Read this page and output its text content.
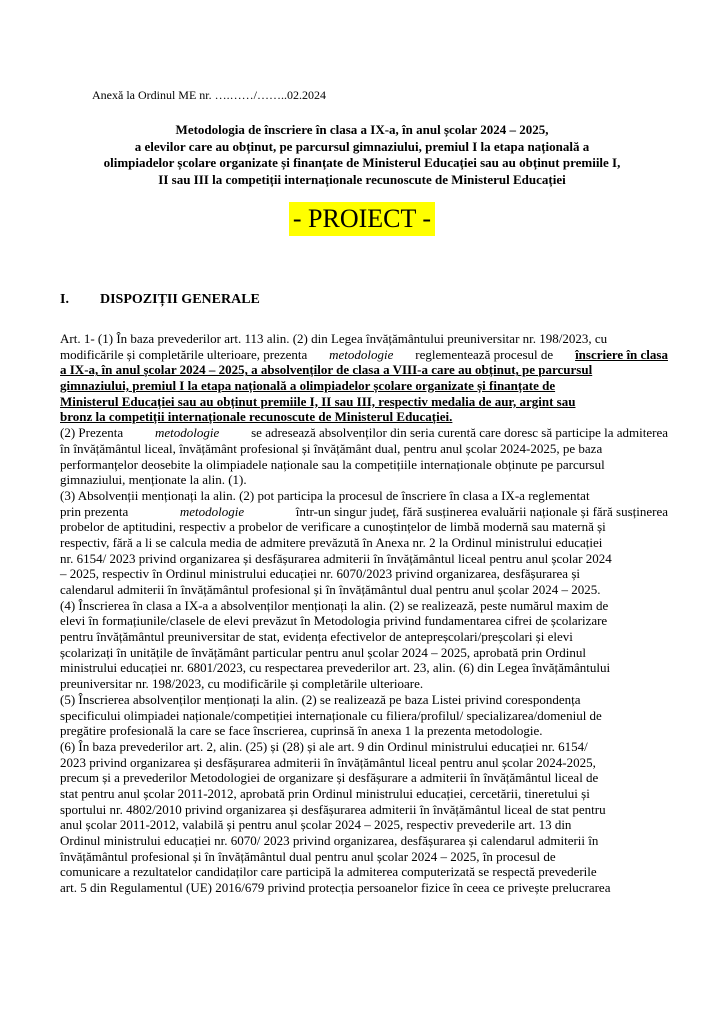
Anexă la Ordinul ME nr. ….……/……..02.2024
Metodologia de înscriere în clasa a IX-a, în anul școlar 2024 – 2025,
a elevilor care au obținut, pe parcursul gimnaziului, premiul I la etapa națională a
olimpiadelor școlare organizate și finanțate de Ministerul Educației sau au obținut premiile I,
II sau III la competiții internaționale recunoscute de Ministerul Educației
- PROIECT -
I. DISPOZIȚII GENERALE
Art. 1- (1) În baza prevederilor art. 113 alin. (2) din Legea învățământului preuniversitar nr. 198/2023, cu
modificările și completările ulterioare, prezenta metodologie reglementează procesul de înscriere în clasa
a IX-a, în anul școlar 2024 – 2025, a absolvenților de clasa a VIII-a care au obținut, pe parcursul
gimnaziului, premiul I la etapa națională a olimpiadelor școlare organizate și finanțate de
Ministerul Educației sau au obținut premiile I, II sau III, respectiv medalia de aur, argint sau
bronz la competiții internaționale recunoscute de Ministerul Educației.
(2) Prezenta metodologie se adresează absolvenților din seria curentă care doresc să participe la admiterea
în învățământul liceal, învățământ profesional și învățământ dual, pentru anul școlar 2024-2025, pe baza
performanțelor deosebite la olimpiadele naționale sau la competițiile internaționale obținute pe parcursul
gimnaziului, menționate la alin. (1).
(3) Absolvenții menționați la alin. (2) pot participa la procesul de înscriere în clasa a IX-a reglementat
prin prezenta	metodologie	într-un singur județ, fără susținerea evaluării naționale și fără susținerea
probelor de aptitudini, respectiv a probelor de verificare a cunoștințelor de limbă modernă sau maternă și
respectiv, fără a li se calcula media de admitere prevăzută în Anexa nr. 2 la Ordinul ministrului educației
nr. 6154/ 2023 privind organizarea și desfășurarea admiterii în învățământul liceal pentru anul școlar 2024
– 2025, respectiv în Ordinul ministrului educației nr. 6070/2023 privind organizarea, desfășurarea și
calendarul admiterii în învățământul profesional și în învățământul dual pentru anul școlar 2024 – 2025.
(4) Înscrierea în clasa a IX-a a absolvenților menționați la alin. (2) se realizează, peste numărul maxim de
elevi în formațiunile/clasele de elevi prevăzut în Metodologia privind fundamentarea cifrei de școlarizare
pentru învățământul preuniversitar de stat, evidența efectivelor de antepreșcolari/preșcolari și elevi
școlarizați în unitățile de învățământ particular pentru anul școlar 2024 – 2025, aprobată prin Ordinul
ministrului educației nr. 6801/2023, cu respectarea prevederilor art. 23, alin. (6) din Legea învățământului
preuniversitar nr. 198/2023, cu modificările și completările ulterioare.
(5) Înscrierea absolvenților menționați la alin. (2) se realizează pe baza Listei privind corespondența
specificului olimpiadei naționale/competiției internaționale cu filiera/profilul/ specializarea/domeniul de
pregătire profesională la care se face înscrierea, cuprinsă în anexa 1 la prezenta metodologie.
(6) În baza prevederilor art. 2, alin. (25) și (28) și ale art. 9 din Ordinul ministrului educației nr. 6154/
2023 privind organizarea și desfășurarea admiterii în învățământul liceal pentru anul școlar 2024-2025,
precum și a prevederilor Metodologiei de organizare și desfășurare a admiterii în învățământul liceal de
stat pentru anul școlar 2011-2012, aprobată prin Ordinul ministrului educației, cercetării, tineretului și
sportului nr. 4802/2010 privind organizarea și desfășurarea admiterii în învățământul liceal de stat pentru
anul școlar 2011-2012, valabilă și pentru anul școlar 2024 – 2025, respectiv prevederile art. 13 din
Ordinul ministrului educației nr. 6070/ 2023 privind organizarea, desfășurarea și calendarul admiterii în
învățământul profesional și în învățământul dual pentru anul școlar 2024 – 2025, în procesul de
comunicare a rezultatelor candidaților care participă la admiterea computerizată se respectă prevederile
art. 5 din Regulamentul (UE) 2016/679 privind protecția persoanelor fizice în ceea ce privește prelucrarea
